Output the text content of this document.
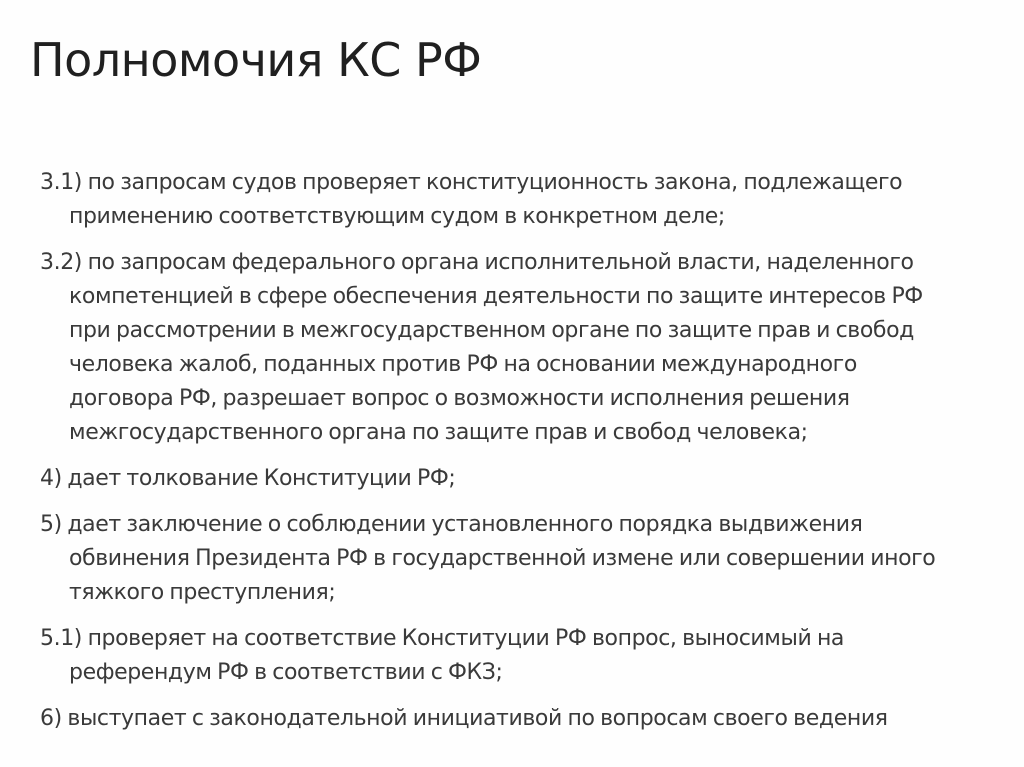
Полномочия КС РФ
3.1) по запросам судов проверяет конституционность закона, подлежащего
применению соответствующим судом в конкретном деле;
3.2) по запросам федерального органа исполнительной власти, наделенного
компетенцией в сфере обеспечения деятельности по защите интересов РФ
при рассмотрении в межгосударственном органе по защите прав и свобод
человека жалоб, поданных против РФ на основании международного
договора РФ, разрешает вопрос о возможности исполнения решения
межгосударственного органа по защите прав и свобод человека;
4) дает толкование Конституции РФ;
5) дает заключение о соблюдении установленного порядка выдвижения
обвинения Президента РФ в государственной измене или совершении иного
тяжкого преступления;
5.1) проверяет на соответствие Конституции РФ вопрос, выносимый на
референдум РФ в соответствии с ФКЗ;
6) выступает с законодательной инициативой по вопросам своего ведения
